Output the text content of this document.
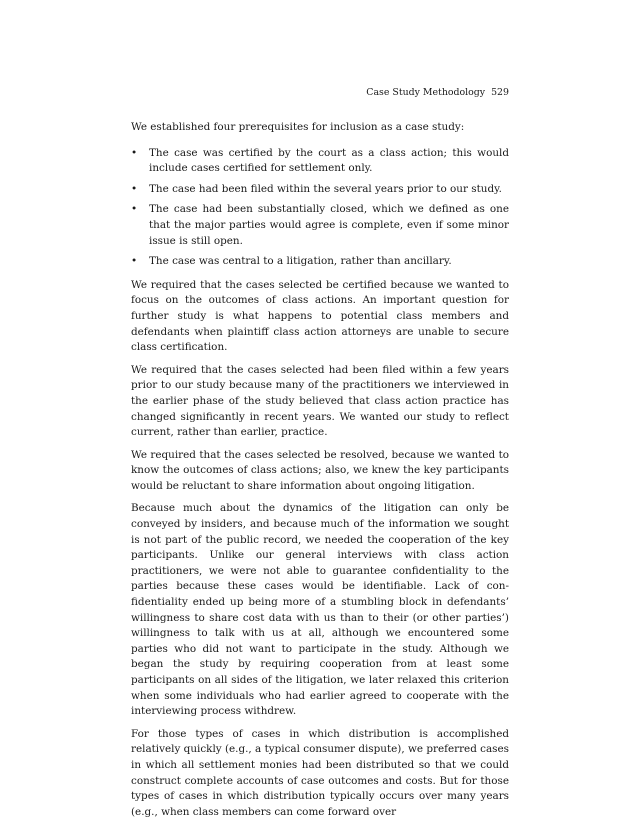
Case Study Methodology 529

We established four prerequisites for inclusion as a case study:

• The case was certified by the court as a class action; this would include cases certified for settlement only.
• The case had been filed within the several years prior to our study.
• The case had been substantially closed, which we defined as one that the major parties would agree is complete, even if some minor issue is still open.
• The case was central to a litigation, rather than ancillary.

We required that the cases selected be certified because we wanted to focus on the outcomes of class actions. An important question for further study is what happens to potential class members and defendants when plaintiff class action attorneys are unable to secure class certification.

We required that the cases selected had been filed within a few years prior to our study because many of the practitioners we interviewed in the earlier phase of the study believed that class action practice has changed significantly in recent years. We wanted our study to reflect current, rather than earlier, practice.

We required that the cases selected be resolved, because we wanted to know the outcomes of class actions; also, we knew the key participants would be reluctant to share information about ongoing litigation.

Because much about the dynamics of the litigation can only be conveyed by insiders, and because much of the information we sought is not part of the public record, we needed the cooperation of the key participants. Unlike our general interviews with class action practitioners, we were not able to guarantee confidentiality to the parties because these cases would be identifiable. Lack of confidentiality ended up being more of a stumbling block in defendants’ willingness to share cost data with us than to their (or other parties’) willingness to talk with us at all, although we encountered some parties who did not want to participate in the study. Although we began the study by requiring cooperation from at least some participants on all sides of the litigation, we later relaxed this criterion when some individuals who had earlier agreed to cooperate with the interviewing process withdrew.

For those types of cases in which distribution is accomplished relatively quickly (e.g., a typical consumer dispute), we preferred cases in which all settlement monies had been distributed so that we could construct complete accounts of case outcomes and costs. But for those types of cases in which distribution typically occurs over many years (e.g., when class members can come forward over
